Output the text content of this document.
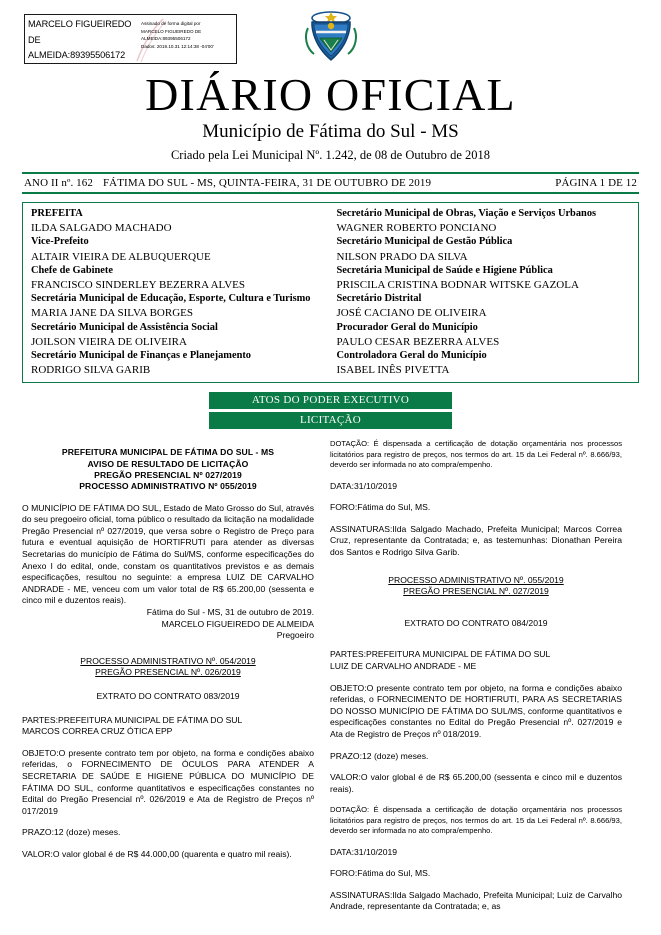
MARCELO FIGUEIREDO DE ALMEIDA:89395506172
Assinado de forma digital por
MARCELO FIGUEIREDO DE
ALMEIDA:89395506172
Dados: 2019.10.31 12:14:38 -04'00'
DIÁRIO OFICIAL
Município de Fátima do Sul - MS
Criado pela Lei Municipal Nº. 1.242, de 08 de Outubro de 2018
ANO II nº. 162 FÁTIMA DO SUL - MS, QUINTA-FEIRA, 31 DE OUTUBRO DE 2019	PÁGINA 1 DE 12
PREFEITA
ILDA SALGADO MACHADO
Vice-Prefeito
ALTAIR VIEIRA DE ALBUQUERQUE
Chefe de Gabinete
FRANCISCO SINDERLEY BEZERRA ALVES
Secretária Municipal de Educação, Esporte, Cultura e Turismo
MARIA JANE DA SILVA BORGES
Secretário Municipal de Assistência Social
JOILSON VIEIRA DE OLIVEIRA
Secretário Municipal de Finanças e Planejamento
RODRIGO SILVA GARIB
Secretário Municipal de Obras, Viação e Serviços Urbanos
WAGNER ROBERTO PONCIANO
Secretário Municipal de Gestão Pública
NILSON PRADO DA SILVA
Secretária Municipal de Saúde e Higiene Pública
PRISCILA CRISTINA BODNAR WITSKE GAZOLA
Secretário Distrital
JOSÉ CACIANO DE OLIVEIRA
Procurador Geral do Município
PAULO CESAR BEZERRA ALVES
Controladora Geral do Município
ISABEL INÊS PIVETTA
ATOS DO PODER EXECUTIVO
LICITAÇÃO
PREFEITURA MUNICIPAL DE FÁTIMA DO SUL - MS
AVISO DE RESULTADO DE LICITAÇÃO
PREGÃO PRESENCIAL Nº 027/2019
PROCESSO ADMINISTRATIVO Nº 055/2019
O MUNICÍPIO DE FÁTIMA DO SUL, Estado de Mato Grosso do Sul, através do seu pregoeiro oficial, toma público o resultado da licitação na modalidade Pregão Presencial nº 027/2019, que versa sobre o Registro de Preço para futura e eventual aquisição de HORTIFRUTI para atender as diversas Secretarias do município de Fátima do Sul/MS, conforme especificações do Anexo I do edital, onde, constam os quantitativos previstos e as demais especificações, resultou no seguinte: a empresa LUIZ DE CARVALHO ANDRADE - ME, venceu com um valor total de R$ 65.200,00 (sessenta e cinco mil e duzentos reais).
Fátima do Sul - MS, 31 de outubro de 2019.
MARCELO FIGUEIREDO DE ALMEIDA
Pregoeiro
PROCESSO ADMINISTRATIVO Nº. 054/2019
PREGÃO PRESENCIAL Nº. 026/2019
EXTRATO DO CONTRATO 083/2019
PARTES:PREFEITURA MUNICIPAL DE FÁTIMA DO SUL
MARCOS CORREA CRUZ ÓTICA EPP
OBJETO:O presente contrato tem por objeto, na forma e condições abaixo referidas, o FORNECIMENTO DE ÓCULOS PARA ATENDER A SECRETARIA DE SAÚDE E HIGIENE PÚBLICA DO MUNICÍPIO DE FÁTIMA DO SUL, conforme quantitativos e especificações constantes no Edital do Pregão Presencial nº. 026/2019 e Ata de Registro de Preços nº 017/2019
PRAZO:12 (doze) meses.
VALOR:O valor global é de R$ 44.000,00 (quarenta e quatro mil reais).
DOTAÇÃO: É dispensada a certificação de dotação orçamentária nos processos licitatórios para registro de preços, nos termos do art. 15 da Lei Federal nº. 8.666/93, deverdo ser informada no ato compra/empenho.
DATA:31/10/2019
FORO:Fátima do Sul, MS.
ASSINATURAS:Ilda Salgado Machado, Prefeita Municipal; Marcos Correa Cruz, representante da Contratada; e, as testemunhas: Dionathan Pereira dos Santos e Rodrigo Silva Garib.
PROCESSO ADMINISTRATIVO Nº. 055/2019
PREGÃO PRESENCIAL Nº. 027/2019
EXTRATO DO CONTRATO 084/2019
PARTES:PREFEITURA MUNICIPAL DE FÁTIMA DO SUL
LUIZ DE CARVALHO ANDRADE - ME
OBJETO:O presente contrato tem por objeto, na forma e condições abaixo referidas, o FORNECIMENTO DE HORTIFRUTI, PARA AS SECRETARIAS DO NOSSO MUNICÍPIO DE FÁTIMA DO SUL/MS, conforme quantitativos e especificações constantes no Edital do Pregão Presencial nº. 027/2019 e Ata de Registro de Preços nº 018/2019.
PRAZO:12 (doze) meses.
VALOR:O valor global é de R$ 65.200,00 (sessenta e cinco mil e duzentos reais).
DOTAÇÃO: É dispensada a certificação de dotação orçamentária nos processos licitatórios para registro de preços, nos termos do art. 15 da Lei Federal nº. 8.666/93, deverdo ser informada no ato compra/empenho.
DATA:31/10/2019
FORO:Fátima do Sul, MS.
ASSINATURAS:Ilda Salgado Machado, Prefeita Municipal; Luiz de Carvalho Andrade, representante da Contratada; e, as
